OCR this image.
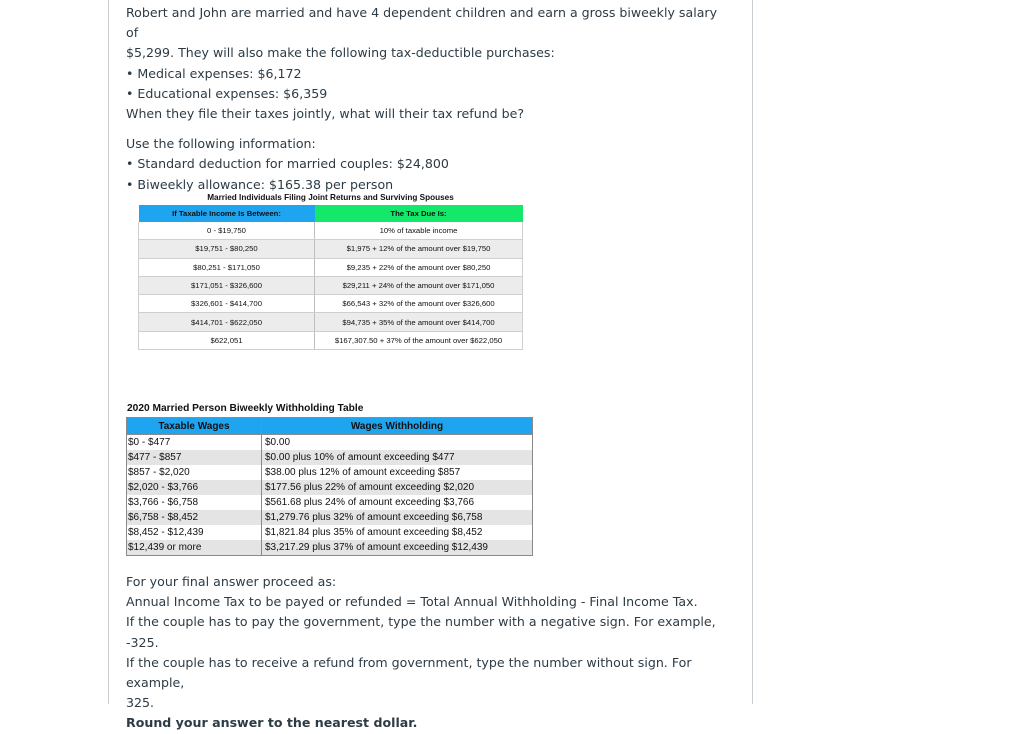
Robert and John are married and have 4 dependent children and earn a gross biweekly salary of

$5,299. They will also make the following tax-deductible purchases:

• Medical expenses: $6,172

• Educational expenses: $6,359

When they file their taxes jointly, what will their tax refund be?

Use the following information:

• Standard deduction for married couples: $24,800

• Biweekly allowance: $165.38 per person

Married Individuals Filing Joint Returns and Surviving Spouses
If Taxable Income Is Between:	The Tax Due Is:
0 - $19,750	10% of taxable income
$19,751 - $80,250	$1,975 + 12% of the amount over $19,750
$80,251 - $171,050	$9,235 + 22% of the amount over $80,250
$171,051 - $326,600	$29,211 + 24% of the amount over $171,050
$326,601 - $414,700	$66,543 + 32% of the amount over $326,600
$414,701 - $622,050	$94,735 + 35% of the amount over $414,700
$622,051	$167,307.50 + 37% of the amount over $622,050
2020 Married Person Biweekly Withholding Table
Taxable Wages	Wages Withholding
$0 - $477	$0.00
$477 - $857	$0.00 plus 10% of amount exceeding $477
$857 - $2,020	$38.00 plus 12% of amount exceeding $857
$2,020 - $3,766	$177.56 plus 22% of amount exceeding $2,020
$3,766 - $6,758	$561.68 plus 24% of amount exceeding $3,766
$6,758 - $8,452	$1,279.76 plus 32% of amount exceeding $6,758
$8,452 - $12,439	$1,821.84 plus 35% of amount exceeding $8,452
$12,439 or more	$3,217.29 plus 37% of amount exceeding $12,439

For your final answer proceed as:

Annual Income Tax to be payed or refunded = Total Annual Withholding - Final Income Tax.

If the couple has to pay the government, type the number with a negative sign. For example, -325.

If the couple has to receive a refund from government, type the number without sign. For example,

325.

Round your answer to the nearest dollar.
